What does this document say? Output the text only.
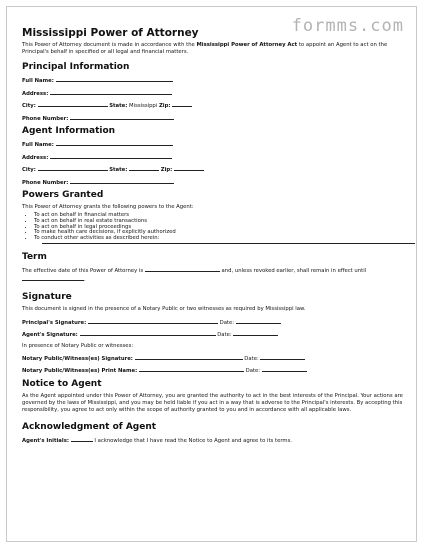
formms.com
Mississippi Power of Attorney

This Power of Attorney document is made in accordance with the Mississippi Power of Attorney Act to appoint an Agent to act on the Principal's behalf in specified or all legal and financial matters.

Principal Information
Full Name:
Address:
City:	State: Mississippi Zip:
Phone Number:
Agent Information
Full Name:
Address:
City:	State:	Zip:
Phone Number:
Powers Granted

This Power of Attorney grants the following powers to the Agent:

• To act on behalf in financial matters
• To act on behalf in real estate transactions
• To act on behalf in legal proceedings
• To make health care decisions, if explicitly authorized
• To conduct other activities as described herein:
Term

The effective date of this Power of Attorney is	and, unless revoked earlier, shall remain in effect until
.

Signature

This document is signed in the presence of a Notary Public or two witnesses as required by Mississippi law.

Principal's Signature:	Date:
Agent's Signature:	Date:

In presence of Notary Public or witnesses:

Notary Public/Witness(es) Signature:	Date:
Notary Public/Witness(es) Print Name:	Date:
Notice to Agent

As the Agent appointed under this Power of Attorney, you are granted the authority to act in the best interests of the Principal. Your actions are governed by the laws of Mississippi, and you may be held liable if you act in a way that is adverse to the Principal's interests. By accepting this responsibility, you agree to act only within the scope of authority granted to you and in accordance with all applicable laws.

Acknowledgment of Agent

Agent's Initials:	I acknowledge that I have read the Notice to Agent and agree to its terms.
